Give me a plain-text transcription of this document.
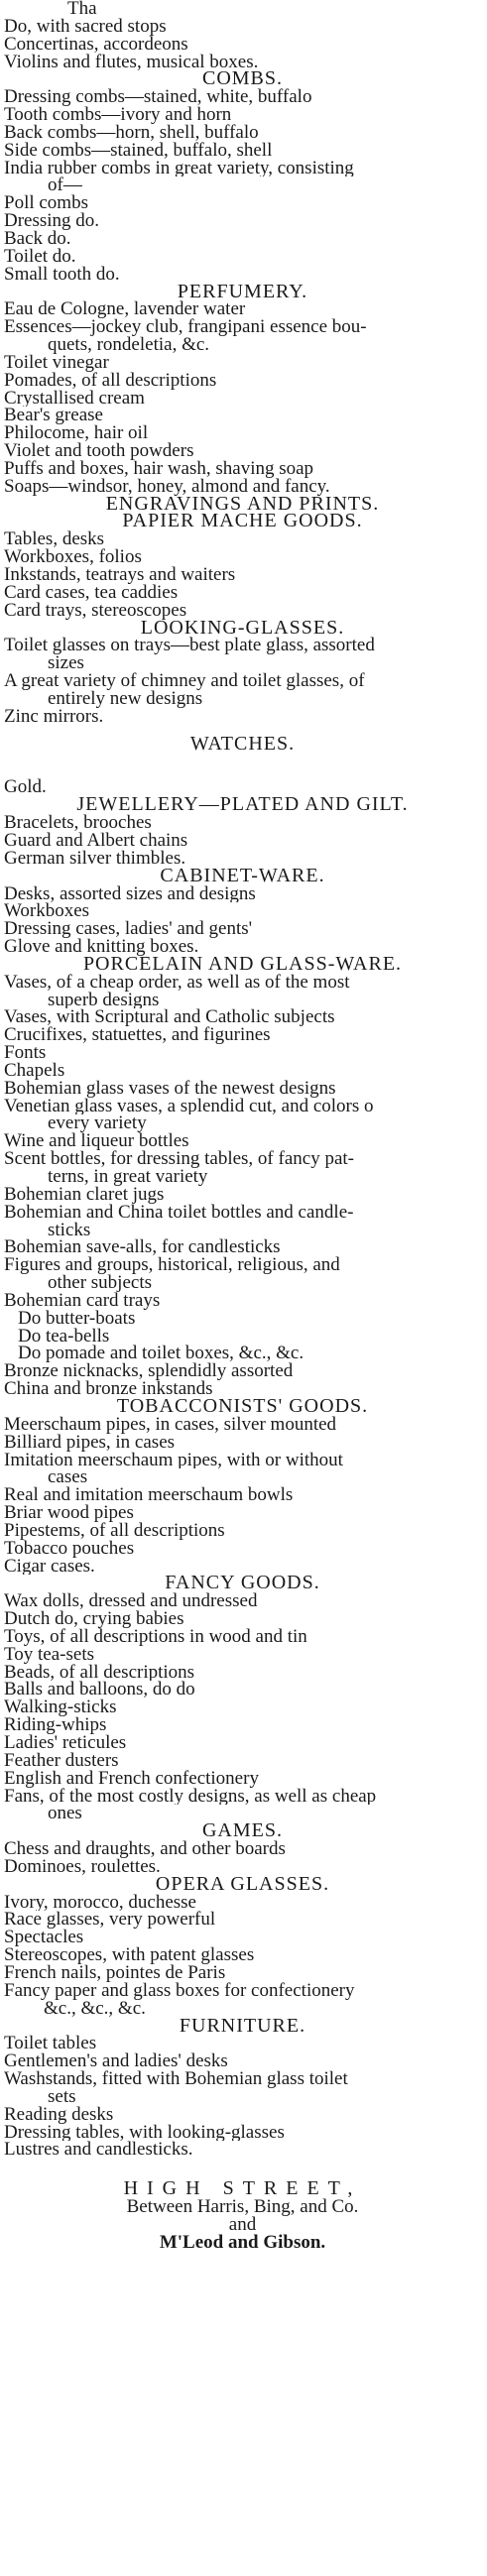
Tha
Do, with sacred stops
Concertinas, accordeons
Violins and flutes, musical boxes.
COMBS.
Dressing combs—stained, white, buffalo
Tooth combs—ivory and horn
Back combs—horn, shell, buffalo
Side combs—stained, buffalo, shell
India rubber combs in great variety, consisting
of—
Poll combs
Dressing do.
Back do.
Toilet do.
Small tooth do.
PERFUMERY.
Eau de Cologne, lavender water
Essences—jockey club, frangipani essence bou-
quets, rondeletia, &c.
Toilet vinegar
Pomades, of all descriptions
Crystallised cream
Bear's grease
Philocome, hair oil
Violet and tooth powders
Puffs and boxes, hair wash, shaving soap
Soaps—windsor, honey, almond and fancy.
ENGRAVINGS AND PRINTS.
PAPIER MACHE GOODS.
Tables, desks
Workboxes, folios
Inkstands, teatrays and waiters
Card cases, tea caddies
Card trays, stereoscopes
LOOKING-GLASSES.
Toilet glasses on trays—best plate glass, assorted
sizes
A great variety of chimney and toilet glasses, of
entirely new designs
Zinc mirrors.
WATCHES.
Gold.
JEWELLERY—PLATED AND GILT.
Bracelets, brooches
Guard and Albert chains
German silver thimbles.
CABINET-WARE.
Desks, assorted sizes and designs
Workboxes
Dressing cases, ladies' and gents'
Glove and knitting boxes.
PORCELAIN AND GLASS-WARE.
Vases, of a cheap order, as well as of the most
superb designs
Vases, with Scriptural and Catholic subjects
Crucifixes, statuettes, and figurines
Fonts
Chapels
Bohemian glass vases of the newest designs
Venetian glass vases, a splendid cut, and colors o
every variety
Wine and liqueur bottles
Scent bottles, for dressing tables, of fancy pat-
terns, in great variety
Bohemian claret jugs
Bohemian and China toilet bottles and candle-
sticks
Bohemian save-alls, for candlesticks
Figures and groups, historical, religious, and
other subjects
Bohemian card trays
Do butter-boats
Do tea-bells
Do pomade and toilet boxes, &c., &c.
Bronze nicknacks, splendidly assorted
China and bronze inkstands
TOBACCONISTS' GOODS.
Meerschaum pipes, in cases, silver mounted
Billiard pipes, in cases
Imitation meerschaum pipes, with or without
cases
Real and imitation meerschaum bowls
Briar wood pipes
Pipestems, of all descriptions
Tobacco pouches
Cigar cases.
FANCY GOODS.
Wax dolls, dressed and undressed
Dutch do, crying babies
Toys, of all descriptions in wood and tin
Toy tea-sets
Beads, of all descriptions
Balls and balloons, do do
Walking-sticks
Riding-whips
Ladies' reticules
Feather dusters
English and French confectionery
Fans, of the most costly designs, as well as cheap
ones
GAMES.
Chess and draughts, and other boards
Dominoes, roulettes.
OPERA GLASSES.
Ivory, morocco, duchesse
Race glasses, very powerful
Spectacles
Stereoscopes, with patent glasses
French nails, pointes de Paris
Fancy paper and glass boxes for confectionery
&c., &c., &c.
FURNITURE.
Toilet tables
Gentlemen's and ladies' desks
Washstands, fitted with Bohemian glass toilet
sets
Reading desks
Dressing tables, with looking-glasses
Lustres and candlesticks.
HIGH STREET,
Between Harris, Bing, and Co.
and
M'Leod and Gibson.
